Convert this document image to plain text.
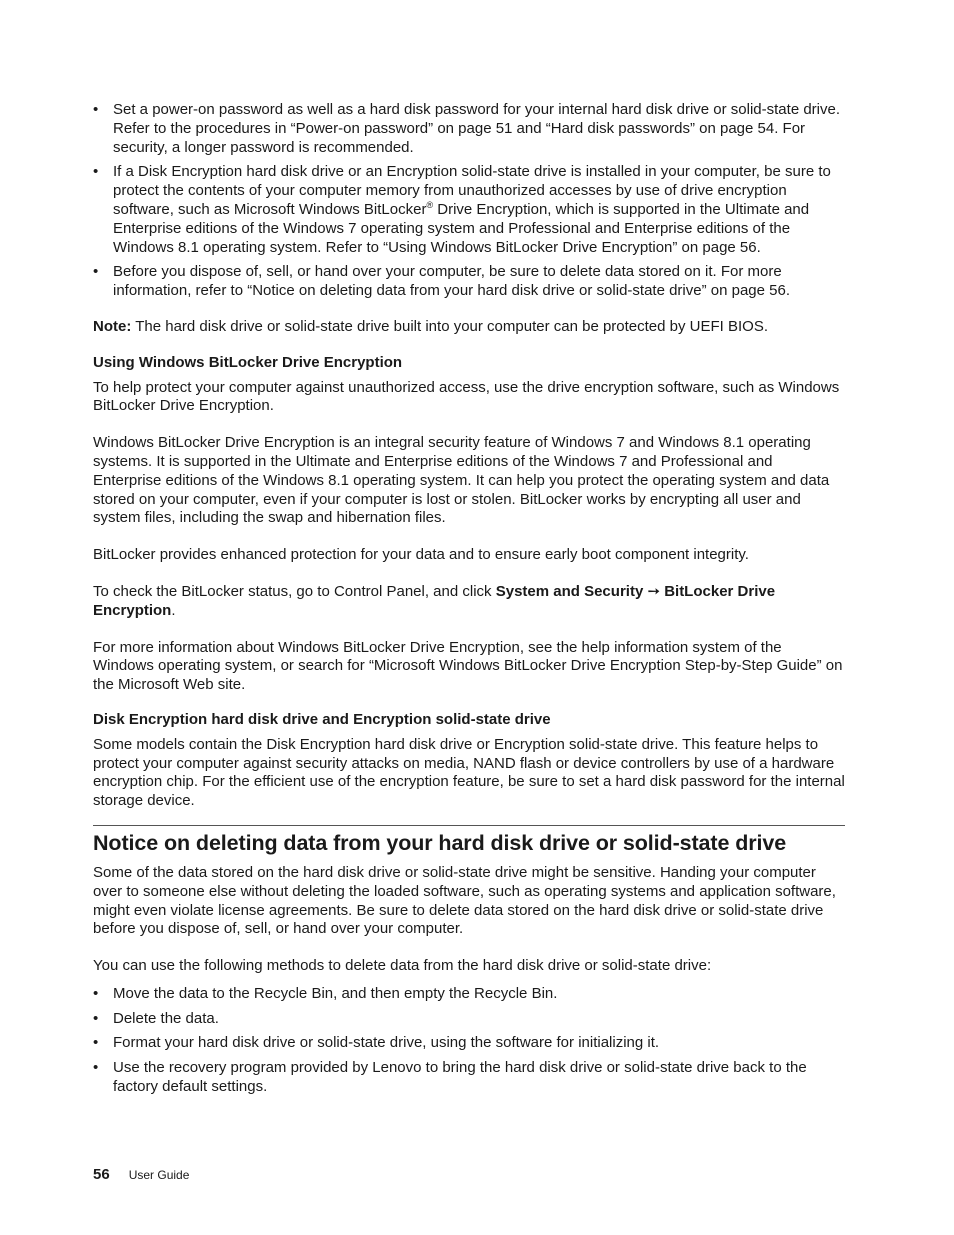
• Set a power-on password as well as a hard disk password for your internal hard disk drive or solid-state drive. Refer to the procedures in “Power-on password” on page 51 and “Hard disk passwords” on page 54. For security, a longer password is recommended.
• If a Disk Encryption hard disk drive or an Encryption solid-state drive is installed in your computer, be sure to protect the contents of your computer memory from unauthorized accesses by use of drive encryption software, such as Microsoft Windows BitLocker® Drive Encryption, which is supported in the Ultimate and Enterprise editions of the Windows 7 operating system and Professional and Enterprise editions of the Windows 8.1 operating system. Refer to “Using Windows BitLocker Drive Encryption” on page 56.
• Before you dispose of, sell, or hand over your computer, be sure to delete data stored on it. For more information, refer to “Notice on deleting data from your hard disk drive or solid-state drive” on page 56.

Note: The hard disk drive or solid-state drive built into your computer can be protected by UEFI BIOS.

Using Windows BitLocker Drive Encryption

To help protect your computer against unauthorized access, use the drive encryption software, such as Windows BitLocker Drive Encryption.

Windows BitLocker Drive Encryption is an integral security feature of Windows 7 and Windows 8.1 operating systems. It is supported in the Ultimate and Enterprise editions of the Windows 7 and Professional and Enterprise editions of the Windows 8.1 operating system. It can help you protect the operating system and data stored on your computer, even if your computer is lost or stolen. BitLocker works by encrypting all user and system files, including the swap and hibernation files.

BitLocker provides enhanced protection for your data and to ensure early boot component integrity.

To check the BitLocker status, go to Control Panel, and click System and Security ➙ BitLocker Drive Encryption.

For more information about Windows BitLocker Drive Encryption, see the help information system of the Windows operating system, or search for “Microsoft Windows BitLocker Drive Encryption Step-by-Step Guide” on the Microsoft Web site.

Disk Encryption hard disk drive and Encryption solid-state drive

Some models contain the Disk Encryption hard disk drive or Encryption solid-state drive. This feature helps to protect your computer against security attacks on media, NAND flash or device controllers by use of a hardware encryption chip. For the efficient use of the encryption feature, be sure to set a hard disk password for the internal storage device.

Notice on deleting data from your hard disk drive or solid-state drive

Some of the data stored on the hard disk drive or solid-state drive might be sensitive. Handing your computer over to someone else without deleting the loaded software, such as operating systems and application software, might even violate license agreements. Be sure to delete data stored on the hard disk drive or solid-state drive before you dispose of, sell, or hand over your computer.

You can use the following methods to delete data from the hard disk drive or solid-state drive:

• Move the data to the Recycle Bin, and then empty the Recycle Bin.
• Delete the data.
• Format your hard disk drive or solid-state drive, using the software for initializing it.
• Use the recovery program provided by Lenovo to bring the hard disk drive or solid-state drive back to the factory default settings.
56 User Guide
